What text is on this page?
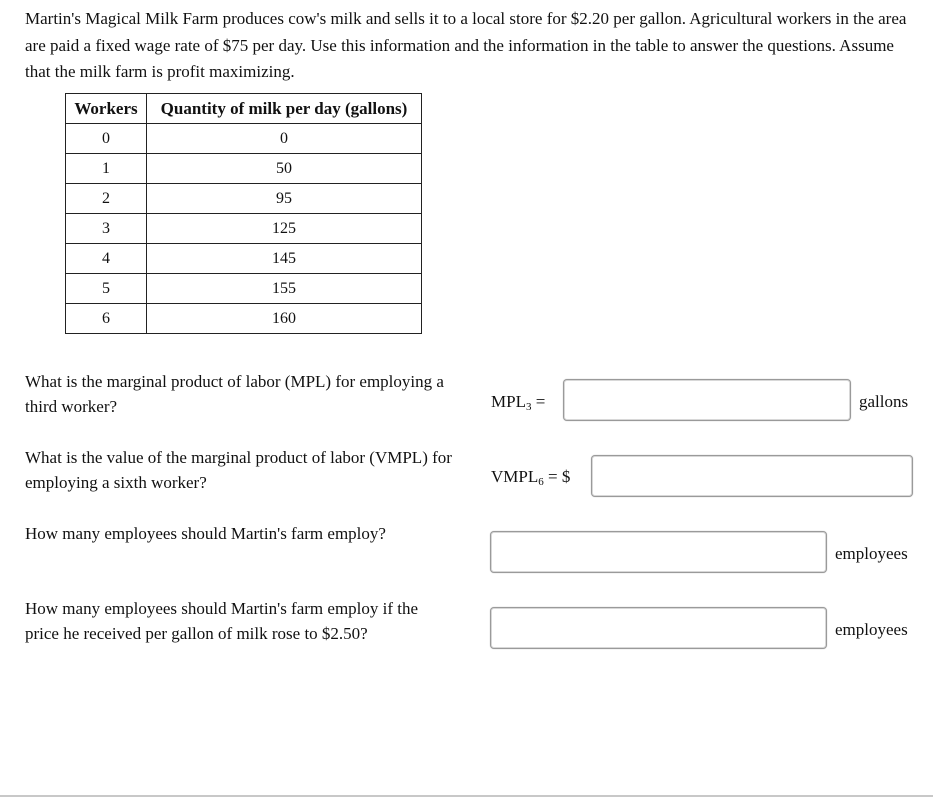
Martin's Magical Milk Farm produces cow's milk and sells it to a local store for $2.20 per gallon. Agricultural workers in the area are paid a fixed wage rate of $75 per day. Use this information and the information in the table to answer the questions. Assume that the milk farm is profit maximizing.

Workers	Quantity of milk per day (gallons)
0	0
1	50
2	95
3	125
4	145
5	155
6	160

What is the marginal product of labor (MPL) for employing a third worker?	$MPL_3$ =	gallons

What is the value of the marginal product of labor (VMPL) for employing a sixth worker?	$VMPL_6$ = $

How many employees should Martin's farm employ?

employees

How many employees should Martin's farm employ if the price he received per gallon of milk rose to $2.50?	employees
